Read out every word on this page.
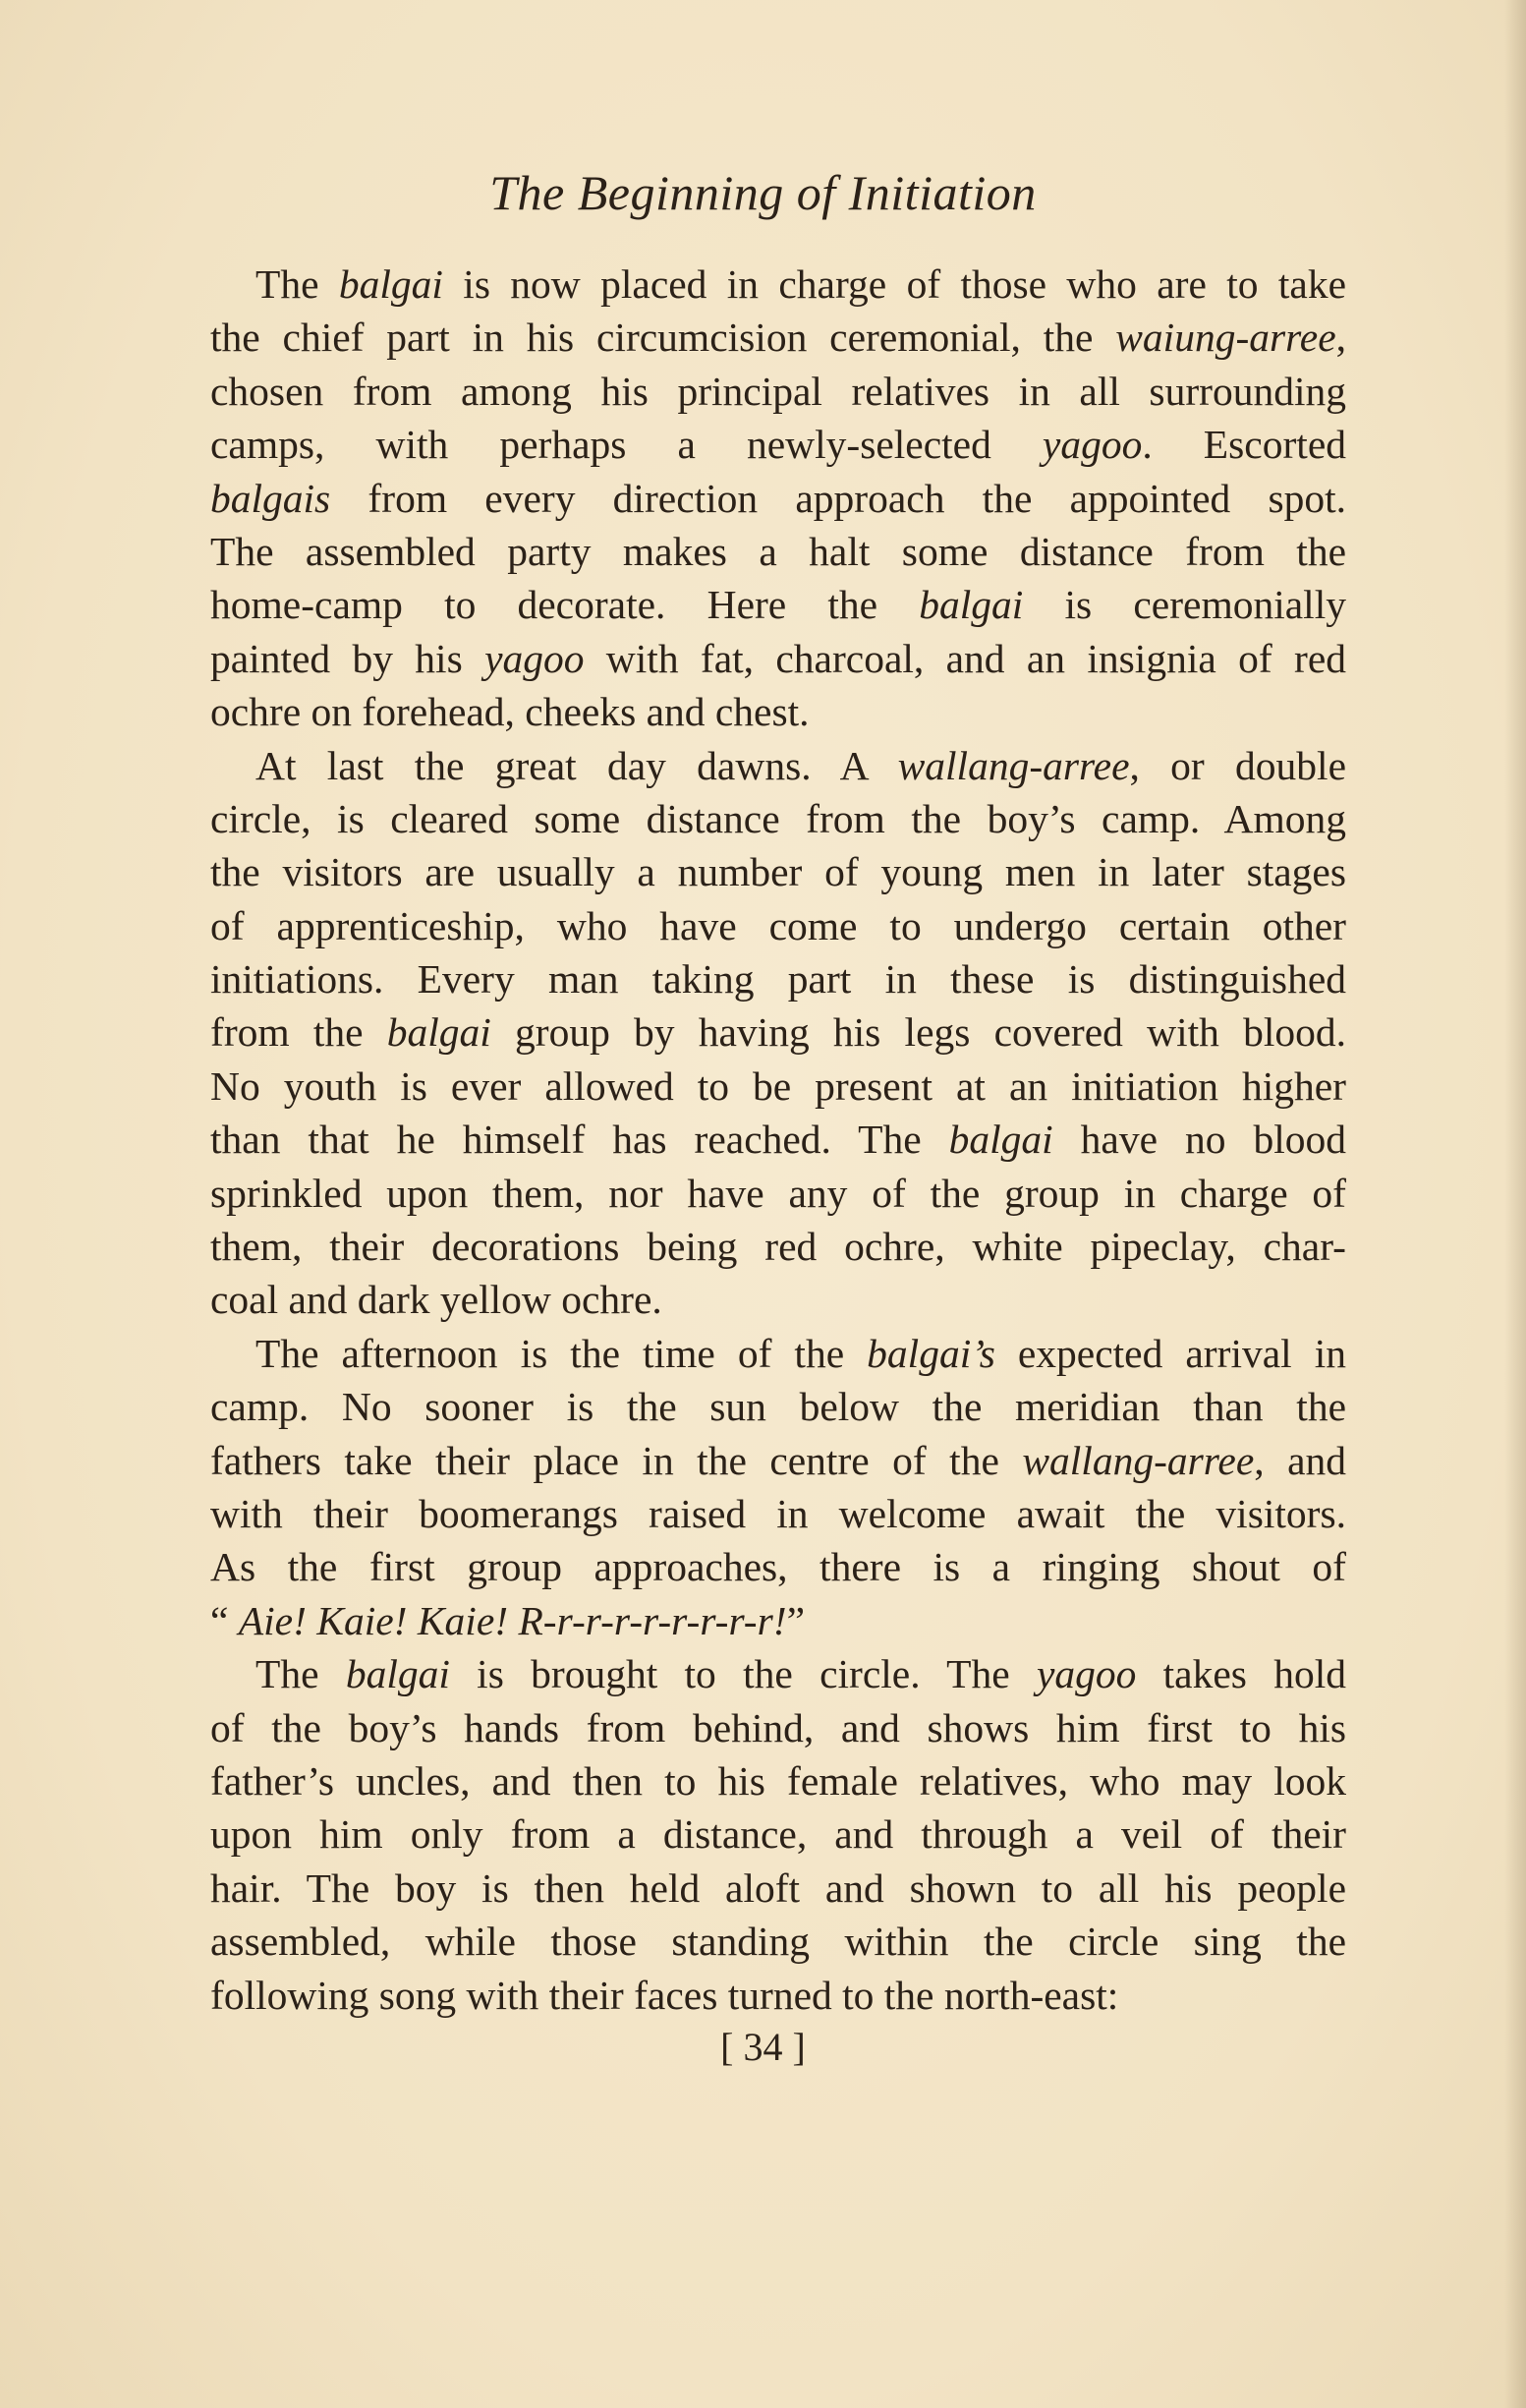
The Beginning of Initiation
The balgai is now placed in charge of those who are to take
the chief part in his circumcision ceremonial, the waiung-arree,
chosen from among his principal relatives in all surrounding
camps, with perhaps a newly-selected yagoo. Escorted
balgais from every direction approach the appointed spot.
The assembled party makes a halt some distance from the
home-camp to decorate. Here the balgai is ceremonially
painted by his yagoo with fat, charcoal, and an insignia of red
ochre on forehead, cheeks and chest.
At last the great day dawns. A wallang-arree, or double
circle, is cleared some distance from the boy’s camp. Among
the visitors are usually a number of young men in later stages
of apprenticeship, who have come to undergo certain other
initiations. Every man taking part in these is distinguished
from the balgai group by having his legs covered with blood.
No youth is ever allowed to be present at an initiation higher
than that he himself has reached. The balgai have no blood
sprinkled upon them, nor have any of the group in charge of
them, their decorations being red ochre, white pipeclay, char-
coal and dark yellow ochre.
The afternoon is the time of the balgai’s expected arrival in
camp. No sooner is the sun below the meridian than the
fathers take their place in the centre of the wallang-arree, and
with their boomerangs raised in welcome await the visitors.
As the first group approaches, there is a ringing shout of
“ Aie! Kaie! Kaie! R-r-r-r-r-r-r-r-r!”
The balgai is brought to the circle. The yagoo takes hold
of the boy’s hands from behind, and shows him first to his
father’s uncles, and then to his female relatives, who may look
upon him only from a distance, and through a veil of their
hair. The boy is then held aloft and shown to all his people
assembled, while those standing within the circle sing the
following song with their faces turned to the north-east:
[ 34 ]
